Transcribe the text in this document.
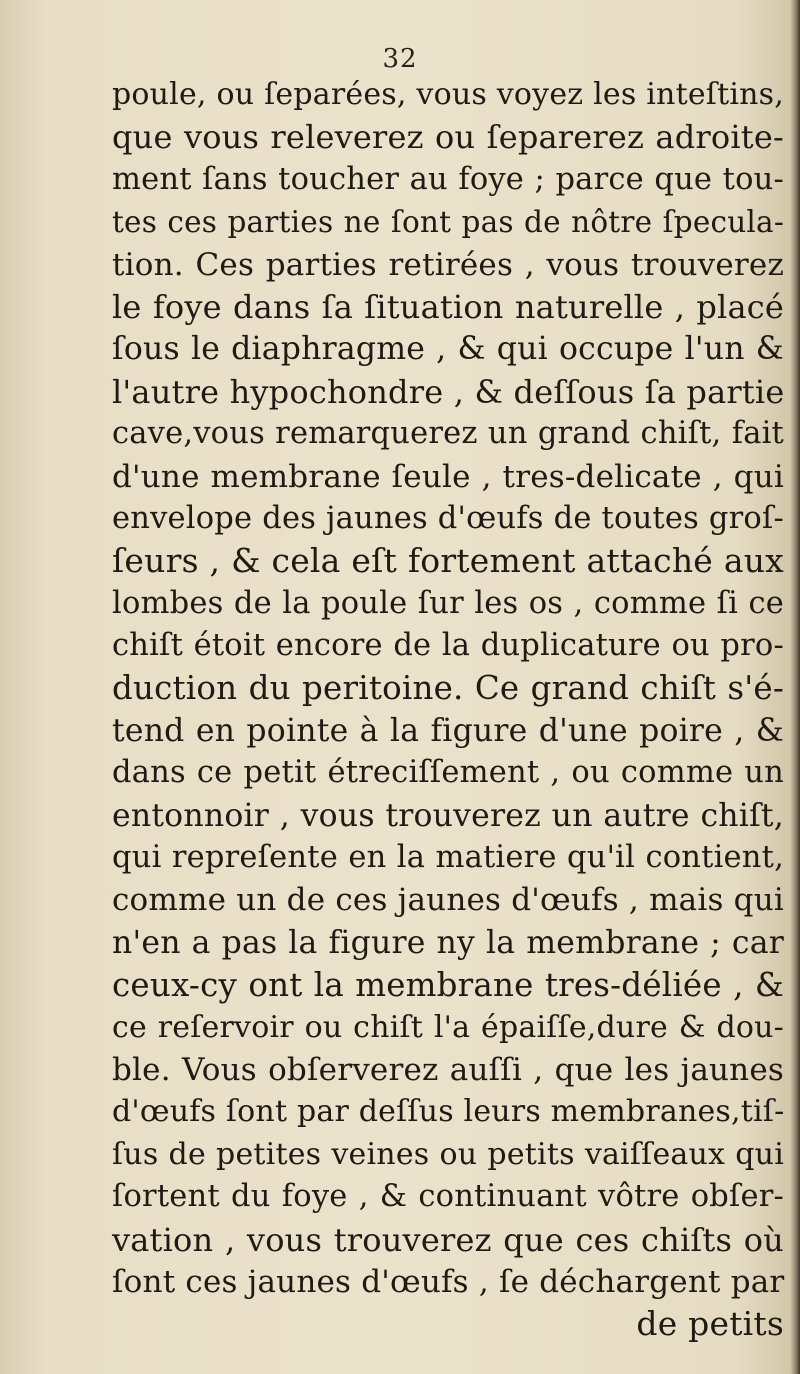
32
poule, ou ſeparées, vous voyez les inteſtins,
que vous releverez ou ſeparerez adroite-
ment ſans toucher au foye ; parce que tou-
tes ces parties ne ſont pas de nôtre ſpecula-
tion. Ces parties retirées , vous trouverez
le foye dans ſa ſituation naturelle , placé
ſous le diaphragme , & qui occupe l'un &
l'autre hypochondre , & deſſous ſa partie
cave,vous remarquerez un grand chiſt, fait
d'une membrane ſeule , tres-delicate , qui
envelope des jaunes d'œufs de toutes groſ-
ſeurs , & cela eſt fortement attaché aux
lombes de la poule ſur les os , comme ſi ce
chiſt étoit encore de la duplicature ou pro-
duction du peritoine. Ce grand chiſt s'é-
tend en pointe à la figure d'une poire , &
dans ce petit étreciſſement , ou comme un
entonnoir , vous trouverez un autre chiſt,
qui repreſente en la matiere qu'il contient,
comme un de ces jaunes d'œufs , mais qui
n'en a pas la figure ny la membrane ; car
ceux-cy ont la membrane tres-déliée , &
ce reſervoir ou chiſt l'a épaiſſe,dure & dou-
ble. Vous obſerverez auſſi , que les jaunes
d'œufs ſont par deſſus leurs membranes,tiſ-
ſus de petites veines ou petits vaiſſeaux qui
ſortent du foye , & continuant vôtre obſer-
vation , vous trouverez que ces chiſts où
ſont ces jaunes d'œufs , ſe déchargent par
de petits
